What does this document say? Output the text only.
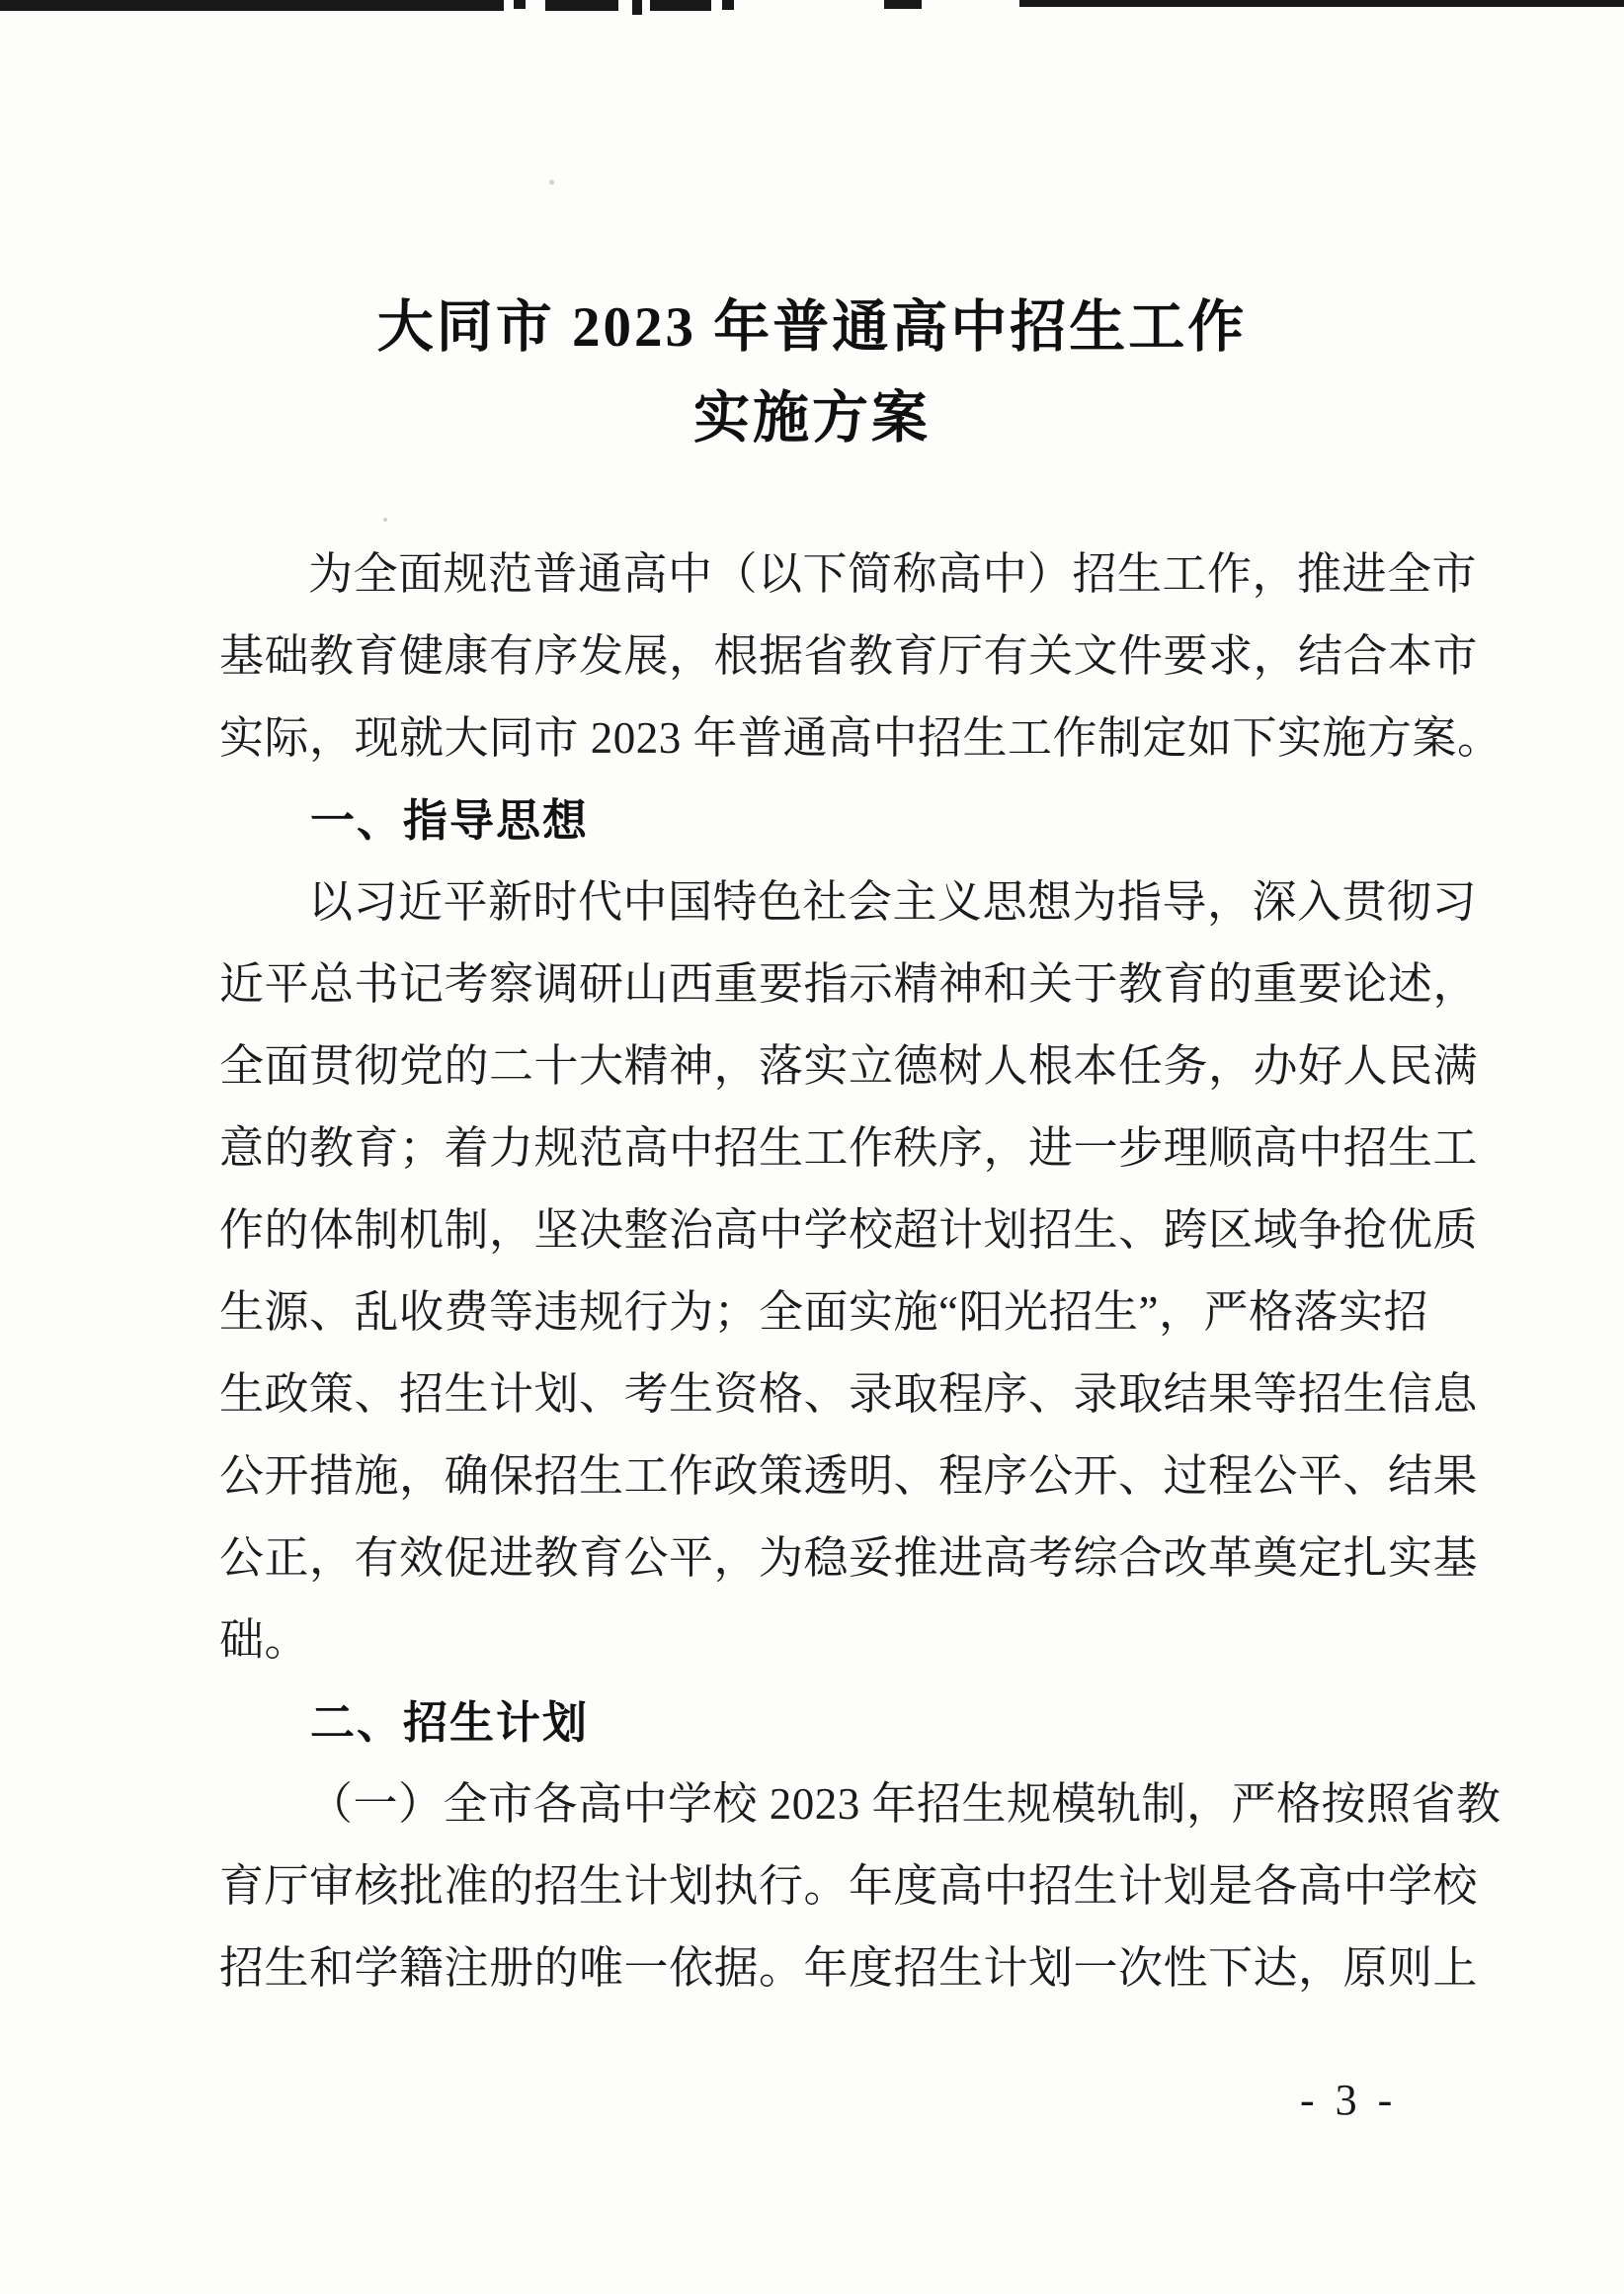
大同市 2023 年普通高中招生工作
实施方案
为全面规范普通高中（以下简称高中）招生工作，推进全市
基础教育健康有序发展，根据省教育厅有关文件要求，结合本市
实际，现就大同市 2023 年普通高中招生工作制定如下实施方案。
一、指导思想
以习近平新时代中国特色社会主义思想为指导，深入贯彻习
近平总书记考察调研山西重要指示精神和关于教育的重要论述，
全面贯彻党的二十大精神，落实立德树人根本任务，办好人民满
意的教育；着力规范高中招生工作秩序，进一步理顺高中招生工
作的体制机制，坚决整治高中学校超计划招生、跨区域争抢优质
生源、乱收费等违规行为；全面实施“阳光招生”，严格落实招
生政策、招生计划、考生资格、录取程序、录取结果等招生信息
公开措施，确保招生工作政策透明、程序公开、过程公平、结果
公正，有效促进教育公平，为稳妥推进高考综合改革奠定扎实基
础。
二、招生计划
（一）全市各高中学校 2023 年招生规模轨制，严格按照省教
育厅审核批准的招生计划执行。年度高中招生计划是各高中学校
招生和学籍注册的唯一依据。年度招生计划一次性下达，原则上
- 3 -
